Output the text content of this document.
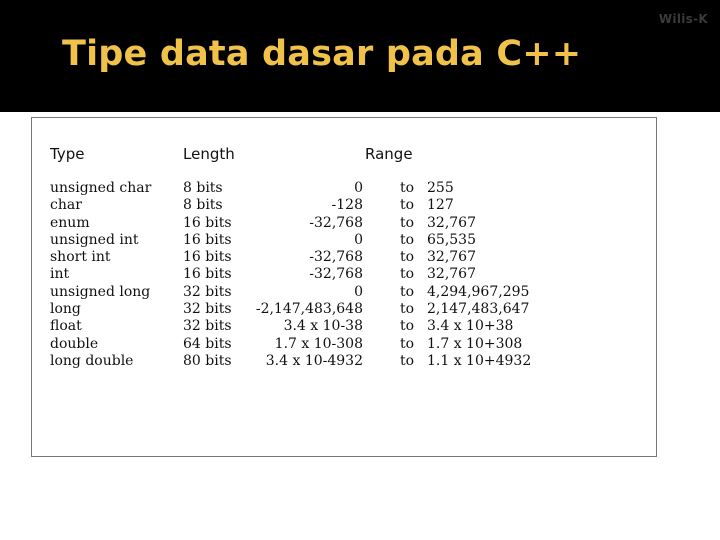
Wilis-K
Tipe data dasar pada C++
Type	Length	Range
unsigned char
char
enum
unsigned int
short int
int
unsigned long
long
float
double
long double
8 bits
8 bits
16 bits
16 bits
16 bits
16 bits
32 bits
32 bits
32 bits
64 bits
80 bits
0
-128
-32,768
0
-32,768
-32,768
0
-2,147,483,648
3.4 x 10-38
1.7 x 10-308
3.4 x 10-4932
to
to
to
to
to
to
to
to
to
to
to
255
127
32,767
65,535
32,767
32,767
4,294,967,295
2,147,483,647
3.4 x 10+38
1.7 x 10+308
1.1 x 10+4932
